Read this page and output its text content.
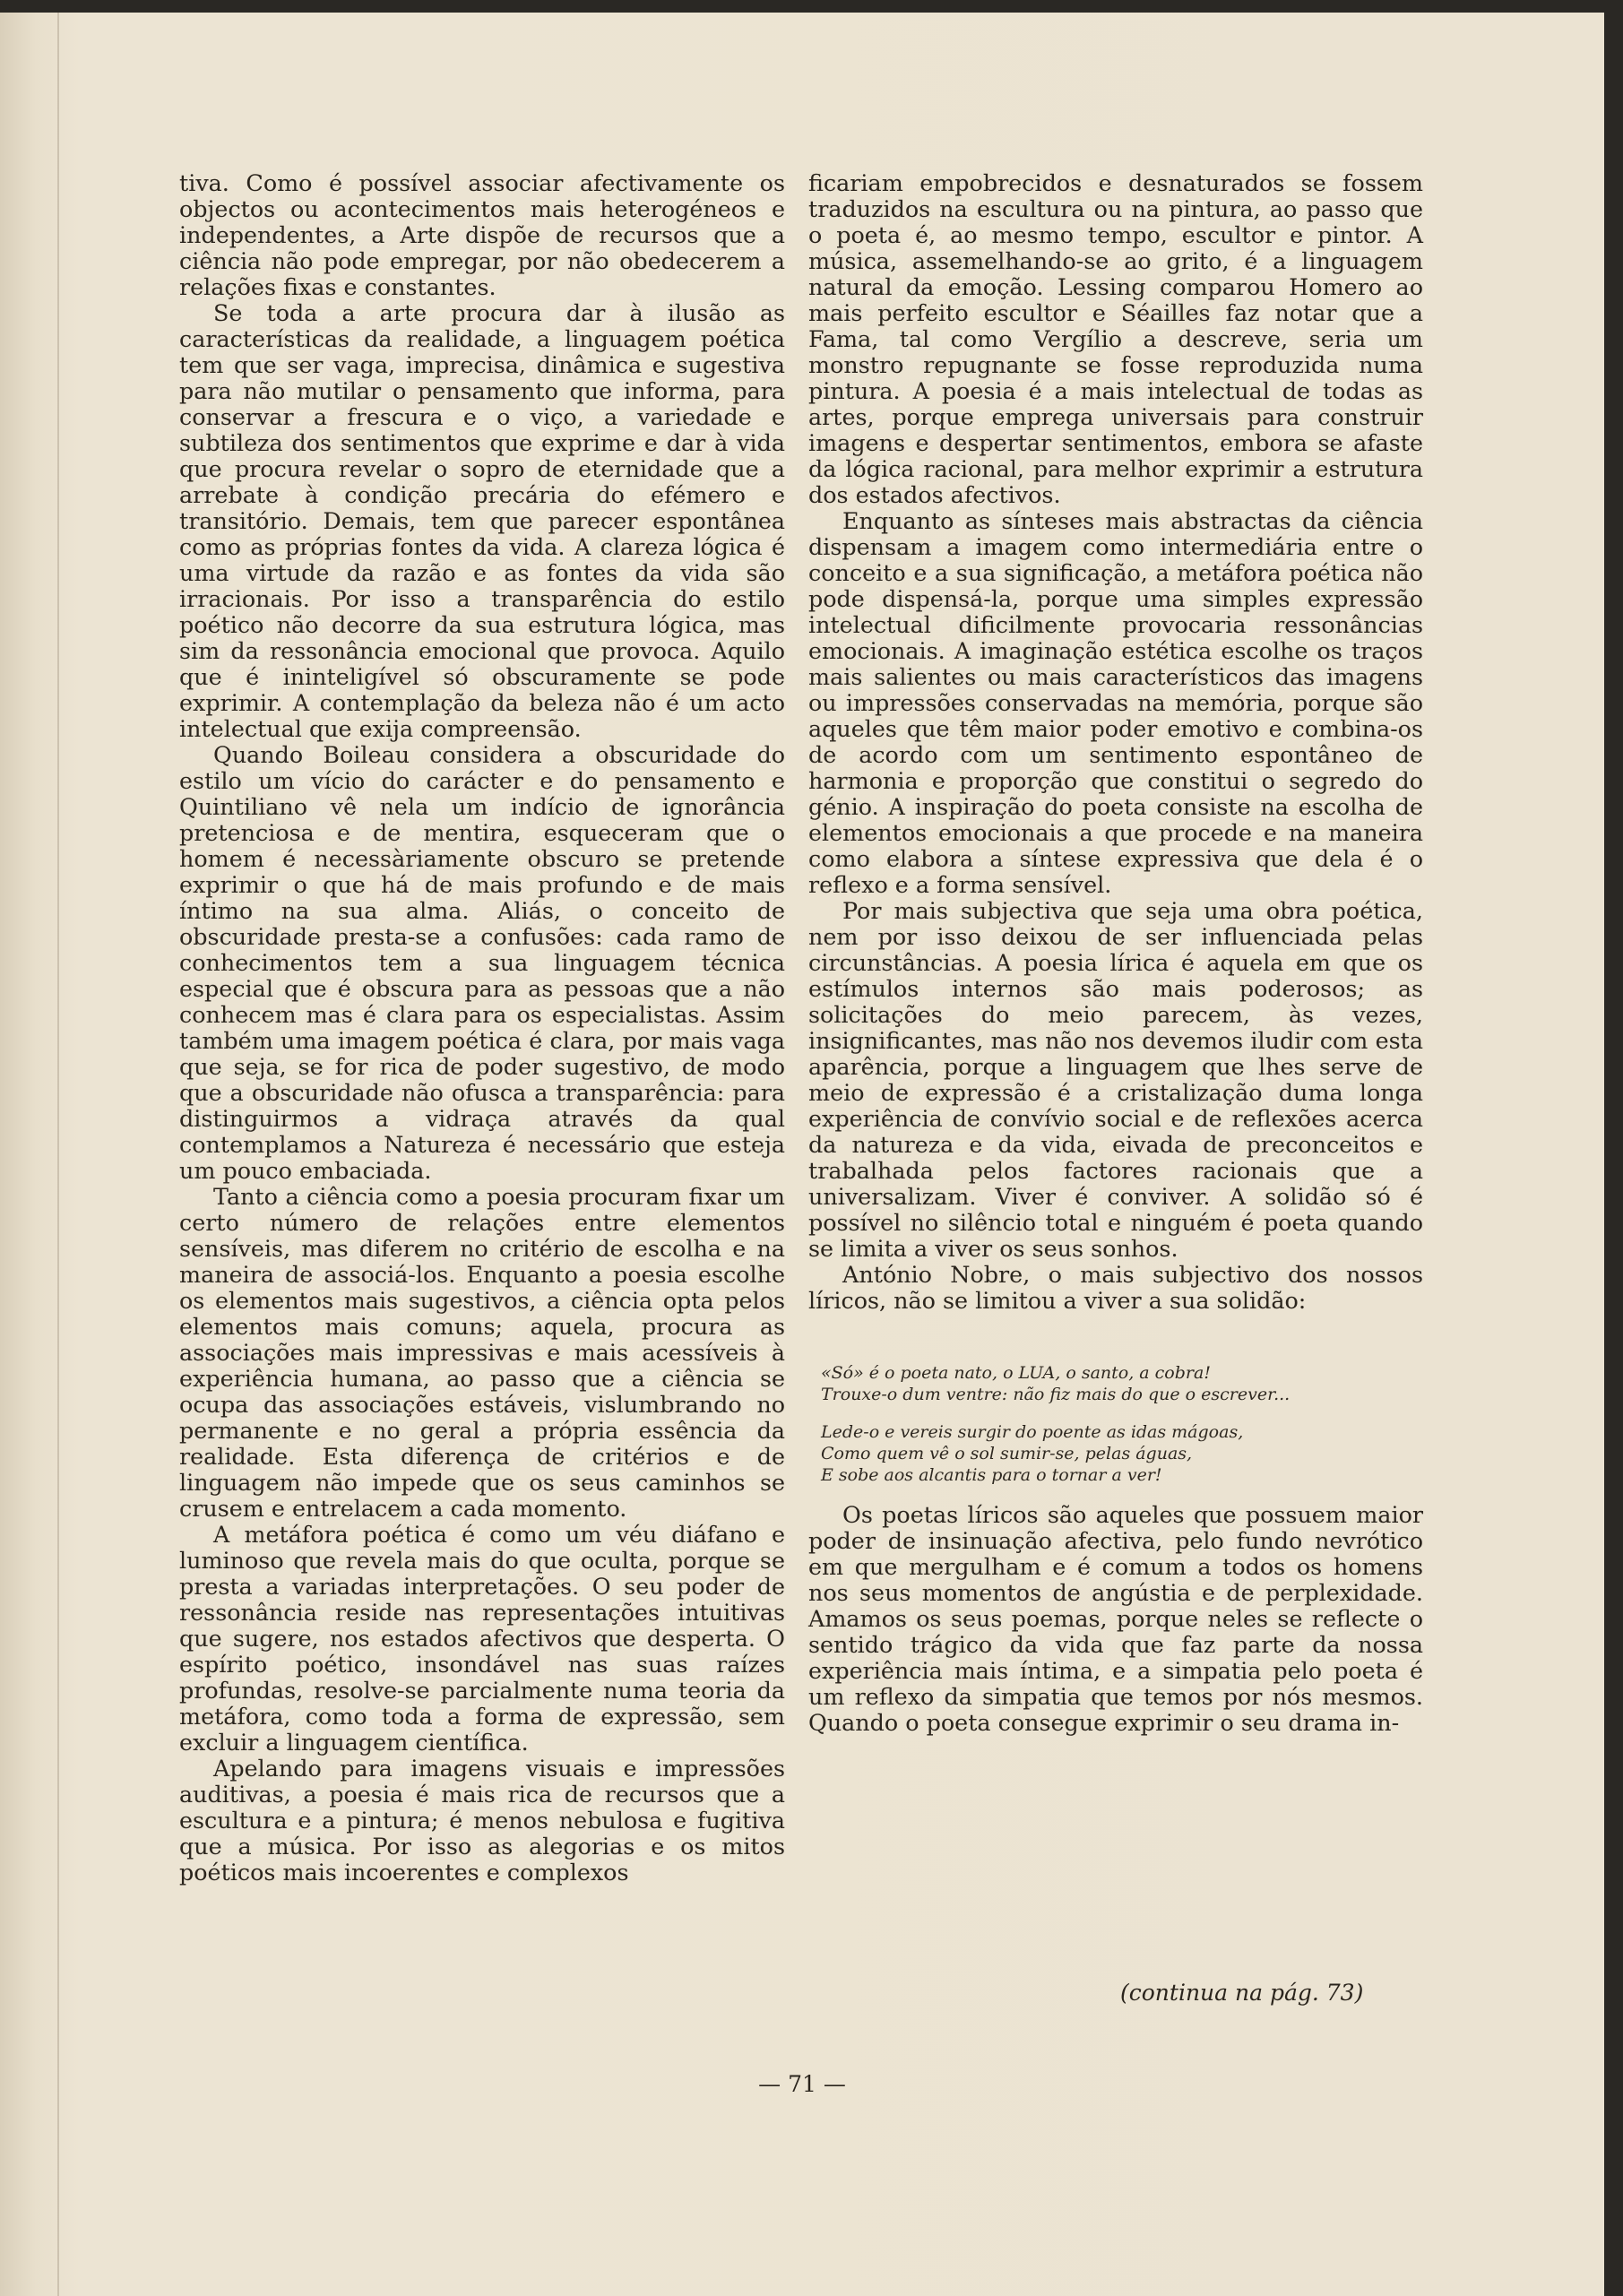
tiva. Como é possível associar afectivamente os objectos ou acontecimentos mais heterogéneos e independentes, a Arte dispõe de recursos que a ciência não pode empregar, por não obedecerem a relações fixas e constantes.

Se toda a arte procura dar à ilusão as características da realidade, a linguagem poética tem que ser vaga, imprecisa, dinâmica e sugestiva para não mutilar o pensamento que informa, para conservar a frescura e o viço, a variedade e subtileza dos sentimentos que exprime e dar à vida que procura revelar o sopro de eternidade que a arrebate à condição precária do efémero e transitório. Demais, tem que parecer espontânea como as próprias fontes da vida. A clareza lógica é uma virtude da razão e as fontes da vida são irracionais. Por isso a transparência do estilo poético não decorre da sua estrutura lógica, mas sim da ressonância emocional que provoca. Aquilo que é ininteligível só obscuramente se pode exprimir. A contemplação da beleza não é um acto intelectual que exija compreensão.

Quando Boileau considera a obscuridade do estilo um vício do carácter e do pensamento e Quintiliano vê nela um indício de ignorância pretenciosa e de mentira, esqueceram que o homem é necessàriamente obscuro se pretende exprimir o que há de mais profundo e de mais íntimo na sua alma. Aliás, o conceito de obscuridade presta-se a confusões: cada ramo de conhecimentos tem a sua linguagem técnica especial que é obscura para as pessoas que a não conhecem mas é clara para os especialistas. Assim também uma imagem poética é clara, por mais vaga que seja, se for rica de poder sugestivo, de modo que a obscuridade não ofusca a transparência: para distinguirmos a vidraça através da qual contemplamos a Natureza é necessário que esteja um pouco embaciada.

Tanto a ciência como a poesia procuram fixar um certo número de relações entre elementos sensíveis, mas diferem no critério de escolha e na maneira de associá-los. Enquanto a poesia escolhe os elementos mais sugestivos, a ciência opta pelos elementos mais comuns; aquela, procura as associações mais impressivas e mais acessíveis à experiência humana, ao passo que a ciência se ocupa das associações estáveis, vislumbrando no permanente e no geral a própria essência da realidade. Esta diferença de critérios e de linguagem não impede que os seus caminhos se crusem e entrelacem a cada momento.

A metáfora poética é como um véu diáfano e luminoso que revela mais do que oculta, porque se presta a variadas interpretações. O seu poder de ressonância reside nas representações intuitivas que sugere, nos estados afectivos que desperta. O espírito poético, insondável nas suas raízes profundas, resolve-se parcialmente numa teoria da metáfora, como toda a forma de expressão, sem excluir a linguagem científica.

Apelando para imagens visuais e impressões auditivas, a poesia é mais rica de recursos que a escultura e a pintura; é menos nebulosa e fugitiva que a música. Por isso as alegorias e os mitos poéticos mais incoerentes e complexos

ficariam empobrecidos e desnaturados se fossem traduzidos na escultura ou na pintura, ao passo que o poeta é, ao mesmo tempo, escultor e pintor. A música, assemelhando-se ao grito, é a linguagem natural da emoção. Lessing comparou Homero ao mais perfeito escultor e Séailles faz notar que a Fama, tal como Vergílio a descreve, seria um monstro repugnante se fosse reproduzida numa pintura. A poesia é a mais intelectual de todas as artes, porque emprega universais para construir imagens e despertar sentimentos, embora se afaste da lógica racional, para melhor exprimir a estrutura dos estados afectivos.

Enquanto as sínteses mais abstractas da ciência dispensam a imagem como intermediária entre o conceito e a sua significação, a metáfora poética não pode dispensá-la, porque uma simples expressão intelectual dificilmente provocaria ressonâncias emocionais. A imaginação estética escolhe os traços mais salientes ou mais característicos das imagens ou impressões conservadas na memória, porque são aqueles que têm maior poder emotivo e combina-os de acordo com um sentimento espontâneo de harmonia e proporção que constitui o segredo do génio. A inspiração do poeta consiste na escolha de elementos emocionais a que procede e na maneira como elabora a síntese expressiva que dela é o reflexo e a forma sensível.

Por mais subjectiva que seja uma obra poética, nem por isso deixou de ser influenciada pelas circunstâncias. A poesia lírica é aquela em que os estímulos internos são mais poderosos; as solicitações do meio parecem, às vezes, insignificantes, mas não nos devemos iludir com esta aparência, porque a linguagem que lhes serve de meio de expressão é a cristalização duma longa experiência de convívio social e de reflexões acerca da natureza e da vida, eivada de preconceitos e trabalhada pelos factores racionais que a universalizam. Viver é conviver. A solidão só é possível no silêncio total e ninguém é poeta quando se limita a viver os seus sonhos.

António Nobre, o mais subjectivo dos nossos líricos, não se limitou a viver a sua solidão:

«Só» é o poeta nato, o LUA, o santo, a cobra!
Trouxe-o dum ventre: não fiz mais do que o escrever...
Lede-o e vereis surgir do poente as idas mágoas,
Como quem vê o sol sumir-se, pelas águas,
E sobe aos alcantis para o tornar a ver!

Os poetas líricos são aqueles que possuem maior poder de insinuação afectiva, pelo fundo nevrótico em que mergulham e é comum a todos os homens nos seus momentos de angústia e de perplexidade. Amamos os seus poemas, porque neles se reflecte o sentido trágico da vida que faz parte da nossa experiência mais íntima, e a simpatia pelo poeta é um reflexo da simpatia que temos por nós mesmos. Quando o poeta consegue exprimir o seu drama in-

(continua na pág. 73)
— 71 —
